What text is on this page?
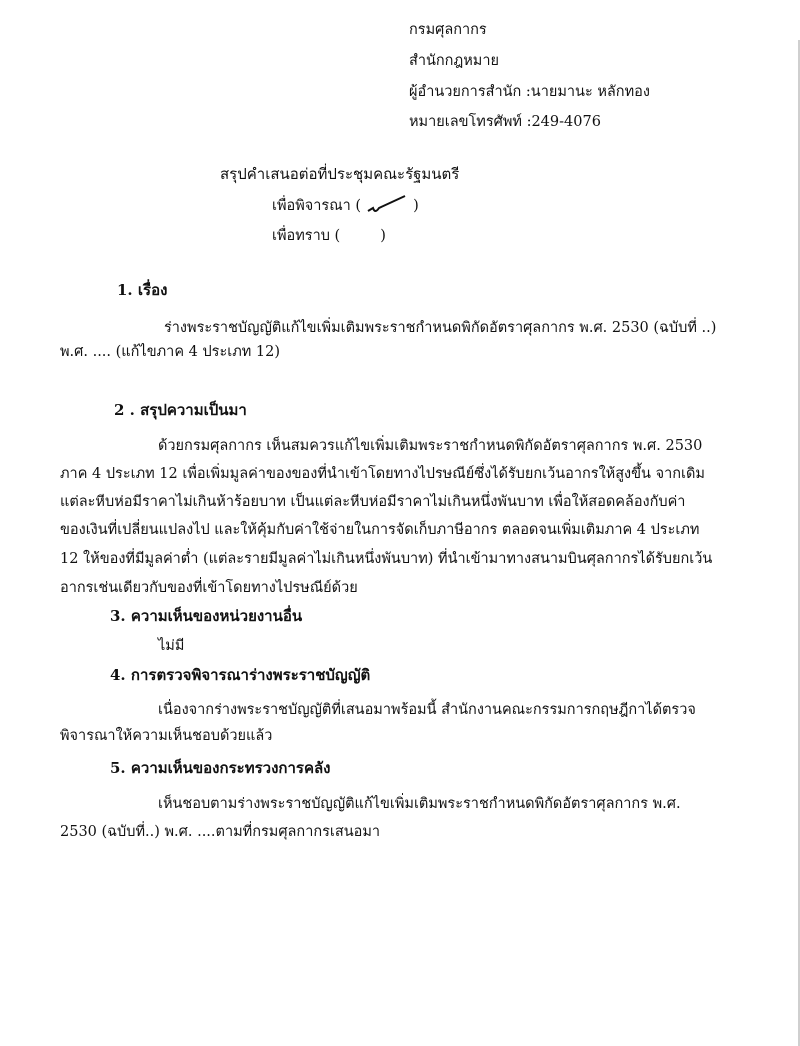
กรมศุลกากร
สำนักกฎหมาย
ผู้อำนวยการสำนัก :นายมานะ หลักทอง
หมายเลขโทรศัพท์ :249-4076
สรุปคำเสนอต่อที่ประชุมคณะรัฐมนตรี
เพื่อพิจารณา (	)
เพื่อทราบ (	)
1. เรื่อง
ร่างพระราชบัญญัติแก้ไขเพิ่มเติมพระราชกำหนดพิกัดอัตราศุลกากร พ.ศ. 2530 (ฉบับที่ ..)
พ.ศ. .... (แก้ไขภาค 4 ประเภท 12)
2 . สรุปความเป็นมา
ด้วยกรมศุลกากร เห็นสมควรแก้ไขเพิ่มเติมพระราชกำหนดพิกัดอัตราศุลกากร พ.ศ. 2530
ภาค 4 ประเภท 12 เพื่อเพิ่มมูลค่าของของที่นำเข้าโดยทางไปรษณีย์ซึ่งได้รับยกเว้นอากรให้สูงขึ้น จากเดิม
แต่ละหีบห่อมีราคาไม่เกินห้าร้อยบาท เป็นแต่ละหีบห่อมีราคาไม่เกินหนึ่งพันบาท เพื่อให้สอดคล้องกับค่า
ของเงินที่เปลี่ยนแปลงไป และให้คุ้มกับค่าใช้จ่ายในการจัดเก็บภาษีอากร ตลอดจนเพิ่มเติมภาค 4 ประเภท
12 ให้ของที่มีมูลค่าต่ำ (แต่ละรายมีมูลค่าไม่เกินหนึ่งพันบาท) ที่นำเข้ามาทางสนามบินศุลกากรได้รับยกเว้น
อากรเช่นเดียวกับของที่เข้าโดยทางไปรษณีย์ด้วย
3. ความเห็นของหน่วยงานอื่น
ไม่มี
4. การตรวจพิจารณาร่างพระราชบัญญัติ
เนื่องจากร่างพระราชบัญญัติที่เสนอมาพร้อมนี้ สำนักงานคณะกรรมการกฤษฎีกาได้ตรวจ
พิจารณาให้ความเห็นชอบด้วยแล้ว
5. ความเห็นของกระทรวงการคลัง
เห็นชอบตามร่างพระราชบัญญัติแก้ไขเพิ่มเติมพระราชกำหนดพิกัดอัตราศุลกากร พ.ศ.
2530 (ฉบับที่..) พ.ศ. ....ตามที่กรมศุลกากรเสนอมา
